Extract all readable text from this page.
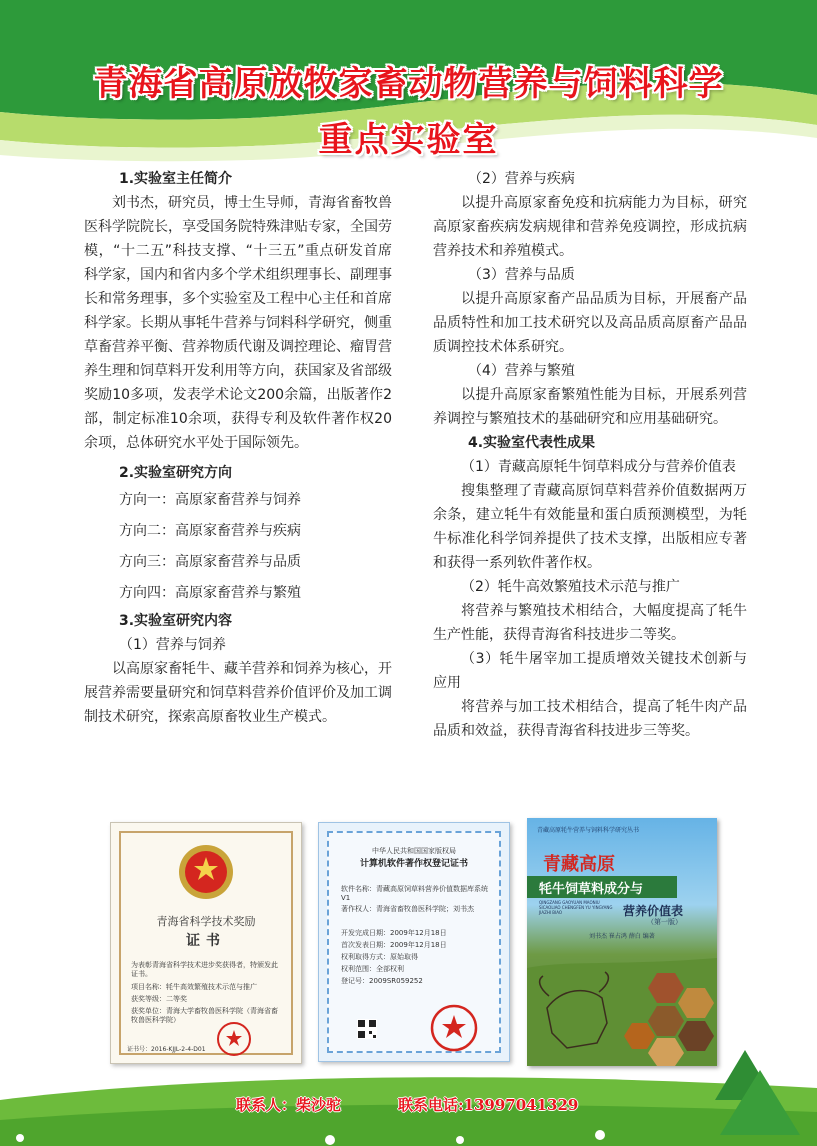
青海省高原放牧家畜动物营养与饲料科学
重点实验室

1.实验室主任简介

刘书杰，研究员，博士生导师，青海省畜牧兽医科学院院长，享受国务院特殊津贴专家，全国劳模，“十二五”科技支撑、“十三五”重点研发首席科学家，国内和省内多个学术组织理事长、副理事长和常务理事，多个实验室及工程中心主任和首席科学家。长期从事牦牛营养与饲料科学研究，侧重草畜营养平衡、营养物质代谢及调控理论、瘤胃营养生理和饲草料开发利用等方向，获国家及省部级奖励10多项，发表学术论文200余篇，出版著作2部，制定标准10余项，获得专利及软件著作权20余项，总体研究水平处于国际领先。

2.实验室研究方向

方向一：高原家畜营养与饲养

方向二：高原家畜营养与疾病

方向三：高原家畜营养与品质

方向四：高原家畜营养与繁殖

3.实验室研究内容

（1）营养与饲养

以高原家畜牦牛、藏羊营养和饲养为核心，开展营养需要量研究和饲草料营养价值评价及加工调制技术研究，探索高原畜牧业生产模式。

（2）营养与疾病

以提升高原家畜免疫和抗病能力为目标，研究高原家畜疾病发病规律和营养免疫调控，形成抗病营养技术和养殖模式。

（3）营养与品质

以提升高原家畜产品品质为目标，开展畜产品品质特性和加工技术研究以及高品质高原畜产品品质调控技术体系研究。

（4）营养与繁殖

以提升高原家畜繁殖性能为目标，开展系列营养调控与繁殖技术的基础研究和应用基础研究。

4.实验室代表性成果

（1）青藏高原牦牛饲草料成分与营养价值表

搜集整理了青藏高原饲草料营养价值数据两万余条，建立牦牛有效能量和蛋白质预测模型，为牦牛标准化科学饲养提供了技术支撑，出版相应专著和获得一系列软件著作权。

（2）牦牛高效繁殖技术示范与推广

将营养与繁殖技术相结合，大幅度提高了牦牛生产性能，获得青海省科技进步二等奖。

（3）牦牛屠宰加工提质增效关键技术创新与应用

将营养与加工技术相结合，提高了牦牛肉产品品质和效益，获得青海省科技进步三等奖。

青海省科学技术奖励
证书
为表彰青海省科学技术进步奖获得者，特颁发此证书。
项目名称：牦牛高效繁殖技术示范与推广
获奖等级：二等奖
获奖单位：青海大学畜牧兽医科学院（青海省畜牧兽医科学院）
证书号：2016-KJJL-2-4-D01
中华人民共和国国家版权局
计算机软件著作权登记证书
软件名称：青藏高原饲草料营养价值数据库系统V1
著作权人：青海省畜牧兽医科学院；刘书杰
开发完成日期：2009年12月18日
首次发表日期：2009年12月18日
权利取得方式：原始取得
权利范围：全部权利
登记号：2009SR059252
青藏高原牦牛营养与饲料科学研究丛书
青藏高原
牦牛饲草料成分与
营养价值表
（第一版）
QINGZANG GAOYUAN MAONIU SICAOLIAO CHENGFEN YU YINGYANG JIAZHI BIAO
刘书杰 崔占鸿 薛白 编著
联系人：柴沙驼	联系电话:13997041329
